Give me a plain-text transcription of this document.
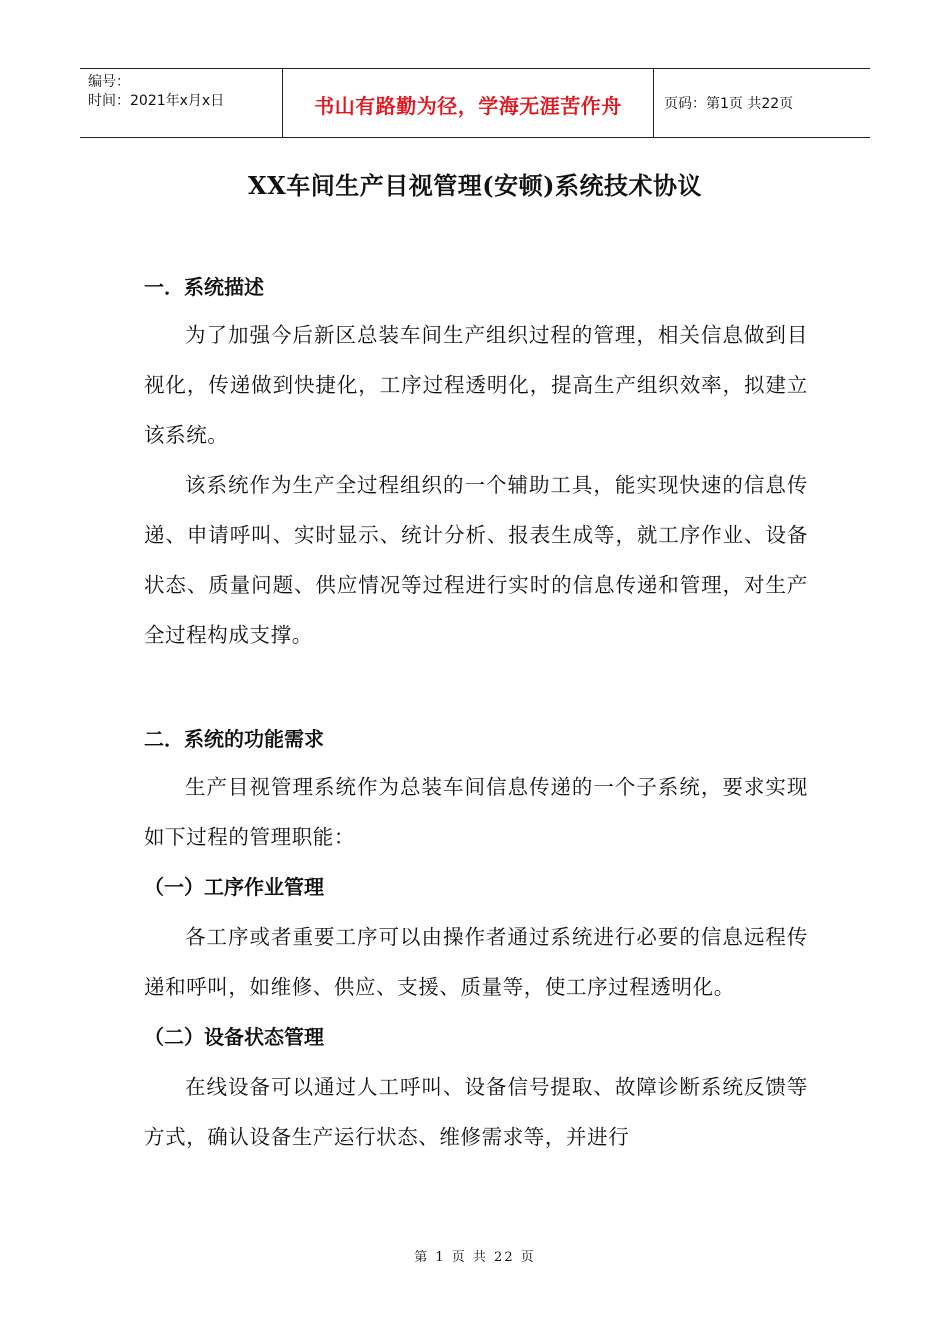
编号：
时间：2021年x月x日	书山有路勤为径，学海无涯苦作舟	页码：第1页 共22页
XX车间生产目视管理(安顿)系统技术协议
一．系统描述

为了加强今后新区总装车间生产组织过程的管理，相关信息做到目视化，传递做到快捷化，工序过程透明化，提高生产组织效率，拟建立该系统。

该系统作为生产全过程组织的一个辅助工具，能实现快速的信息传递、申请呼叫、实时显示、统计分析、报表生成等，就工序作业、设备状态、质量问题、供应情况等过程进行实时的信息传递和管理，对生产全过程构成支撑。

二．系统的功能需求

生产目视管理系统作为总装车间信息传递的一个子系统，要求实现如下过程的管理职能：

（一）工序作业管理

各工序或者重要工序可以由操作者通过系统进行必要的信息远程传递和呼叫，如维修、供应、支援、质量等，使工序过程透明化。

（二）设备状态管理

在线设备可以通过人工呼叫、设备信号提取、故障诊断系统反馈等方式，确认设备生产运行状态、维修需求等，并进行

第 1 页 共 22 页
